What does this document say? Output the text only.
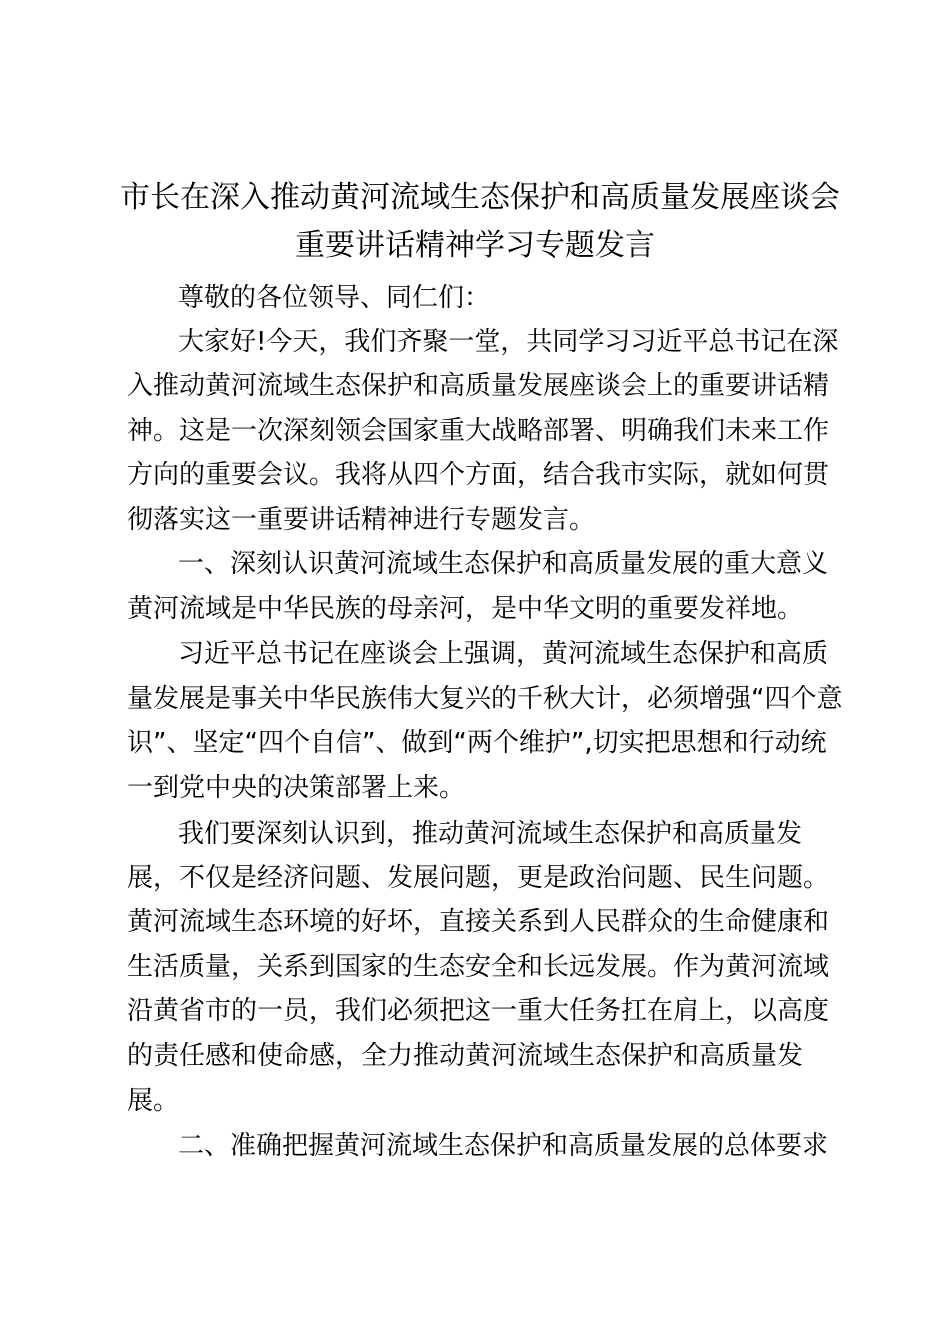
市长在深入推动黄河流域生态保护和高质量发展座谈会
重要讲话精神学习专题发言
尊敬的各位领导、同仁们：
大家好!今天，我们齐聚一堂，共同学习习近平总书记在深
入推动黄河流域生态保护和高质量发展座谈会上的重要讲话精
神。这是一次深刻领会国家重大战略部署、明确我们未来工作
方向的重要会议。我将从四个方面，结合我市实际，就如何贯
彻落实这一重要讲话精神进行专题发言。
一、深刻认识黄河流域生态保护和高质量发展的重大意义
黄河流域是中华民族的母亲河，是中华文明的重要发祥地。
习近平总书记在座谈会上强调，黄河流域生态保护和高质
量发展是事关中华民族伟大复兴的千秋大计，必须增强“四个意
识”、坚定“四个自信”、做到“两个维护”,切实把思想和行动统
一到党中央的决策部署上来。
我们要深刻认识到，推动黄河流域生态保护和高质量发
展，不仅是经济问题、发展问题，更是政治问题、民生问题。
黄河流域生态环境的好坏，直接关系到人民群众的生命健康和
生活质量，关系到国家的生态安全和长远发展。作为黄河流域
沿黄省市的一员，我们必须把这一重大任务扛在肩上，以高度
的责任感和使命感，全力推动黄河流域生态保护和高质量发
展。
二、准确把握黄河流域生态保护和高质量发展的总体要求
